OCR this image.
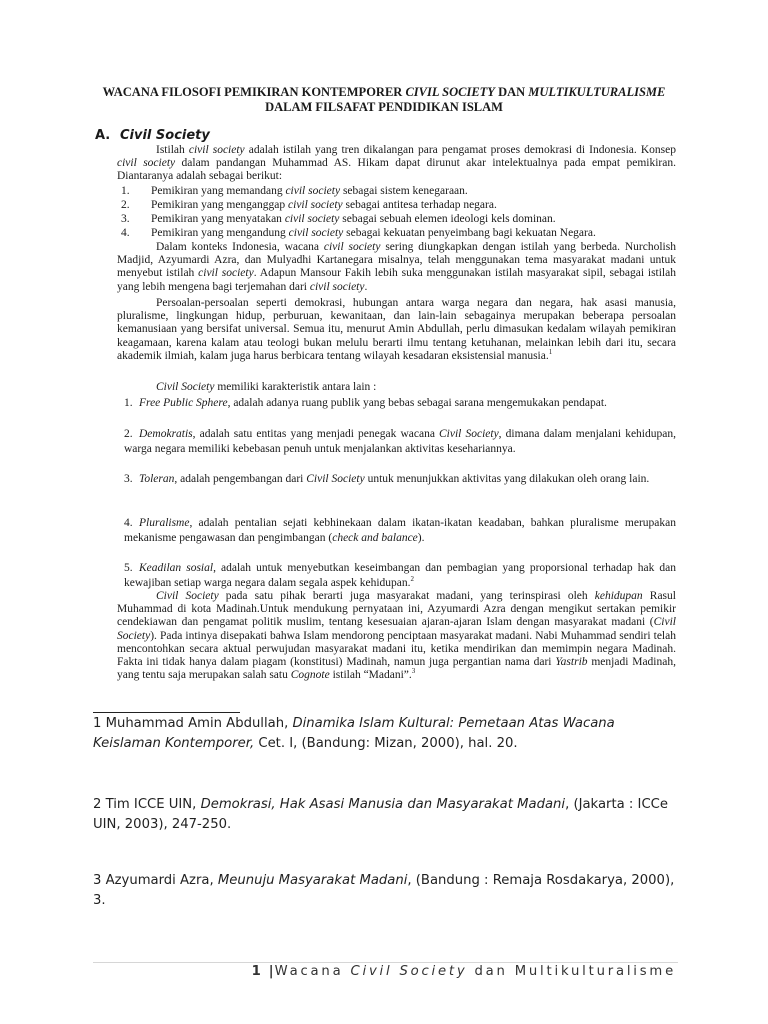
WACANA FILOSOFI PEMIKIRAN KONTEMPORER CIVIL SOCIETY DAN MULTIKULTURALISME
DALAM FILSAFAT PENDIDIKAN ISLAM
A. Civil Society
Istilah civil society adalah istilah yang tren dikalangan para pengamat proses demokrasi di Indonesia. Konsep civil society dalam pandangan Muhammad AS. Hikam dapat dirunut akar intelektualnya pada empat pemikiran. Diantaranya adalah sebagai berikut:
1. Pemikiran yang memandang civil society sebagai sistem kenegaraan.
2. Pemikiran yang menganggap civil society sebagai antitesa terhadap negara.
3. Pemikiran yang menyatakan civil society sebagai sebuah elemen ideologi kels dominan.
4. Pemikiran yang mengandung civil society sebagai kekuatan penyeimbang bagi kekuatan Negara.
Dalam konteks Indonesia, wacana civil society sering diungkapkan dengan istilah yang berbeda. Nurcholish Madjid, Azyumardi Azra, dan Mulyadhi Kartanegara misalnya, telah menggunakan tema masyarakat madani untuk menyebut istilah civil society. Adapun Mansour Fakih lebih suka menggunakan istilah masyarakat sipil, sebagai istilah yang lebih mengena bagi terjemahan dari civil society.
Persoalan-persoalan seperti demokrasi, hubungan antara warga negara dan negara, hak asasi manusia, pluralisme, lingkungan hidup, perburuan, kewanitaan, dan lain-lain sebagainya merupakan beberapa persoalan kemanusiaan yang bersifat universal. Semua itu, menurut Amin Abdullah, perlu dimasukan kedalam wilayah pemikiran keagamaan, karena kalam atau teologi bukan melulu berarti ilmu tentang ketuhanan, melainkan lebih dari itu, secara akademik ilmiah, kalam juga harus berbicara tentang wilayah kesadaran eksistensial manusia.$^1$
Civil Society memiliki karakteristik antara lain :
1. Free Public Sphere, adalah adanya ruang publik yang bebas sebagai sarana mengemukakan pendapat.
2. Demokratis, adalah satu entitas yang menjadi penegak wacana Civil Society, dimana dalam menjalani kehidupan, warga negara memiliki kebebasan penuh untuk menjalankan aktivitas kesehariannya.
3. Toleran, adalah pengembangan dari Civil Society untuk menunjukkan aktivitas yang dilakukan oleh orang lain.
4. Pluralisme, adalah pentalian sejati kebhinekaan dalam ikatan-ikatan keadaban, bahkan pluralisme merupakan mekanisme pengawasan dan pengimbangan (check and balance).
5. Keadilan sosial, adalah untuk menyebutkan keseimbangan dan pembagian yang proporsional terhadap hak dan kewajiban setiap warga negara dalam segala aspek kehidupan.$^2$
Civil Society pada satu pihak berarti juga masyarakat madani, yang terinspirasi oleh kehidupan Rasul Muhammad di kota Madinah.Untuk mendukung pernyataan ini, Azyumardi Azra dengan mengikut sertakan pemikir cendekiawan dan pengamat politik muslim, tentang kesesuaian ajaran-ajaran Islam dengan masyarakat madani (Civil Society). Pada intinya disepakati bahwa Islam mendorong penciptaan masyarakat madani. Nabi Muhammad sendiri telah mencontohkan secara aktual perwujudan masyarakat madani itu, ketika mendirikan dan memimpin negara Madinah. Fakta ini tidak hanya dalam piagam (konstitusi) Madinah, namun juga pergantian nama dari Yastrib menjadi Madinah, yang tentu saja merupakan salah satu Cognote istilah “Madani”.$^3$
1 Muhammad Amin Abdullah, Dinamika Islam Kultural: Pemetaan Atas Wacana Keislaman Kontemporer, Cet. I, (Bandung: Mizan, 2000), hal. 20.
2 Tim ICCE UIN, Demokrasi, Hak Asasi Manusia dan Masyarakat Madani, (Jakarta : ICCe UIN, 2003), 247-250.
3 Azyumardi Azra, Meunuju Masyarakat Madani, (Bandung : Remaja Rosdakarya, 2000), 3.
1 |Wacana Civil Society dan Multikulturalisme
